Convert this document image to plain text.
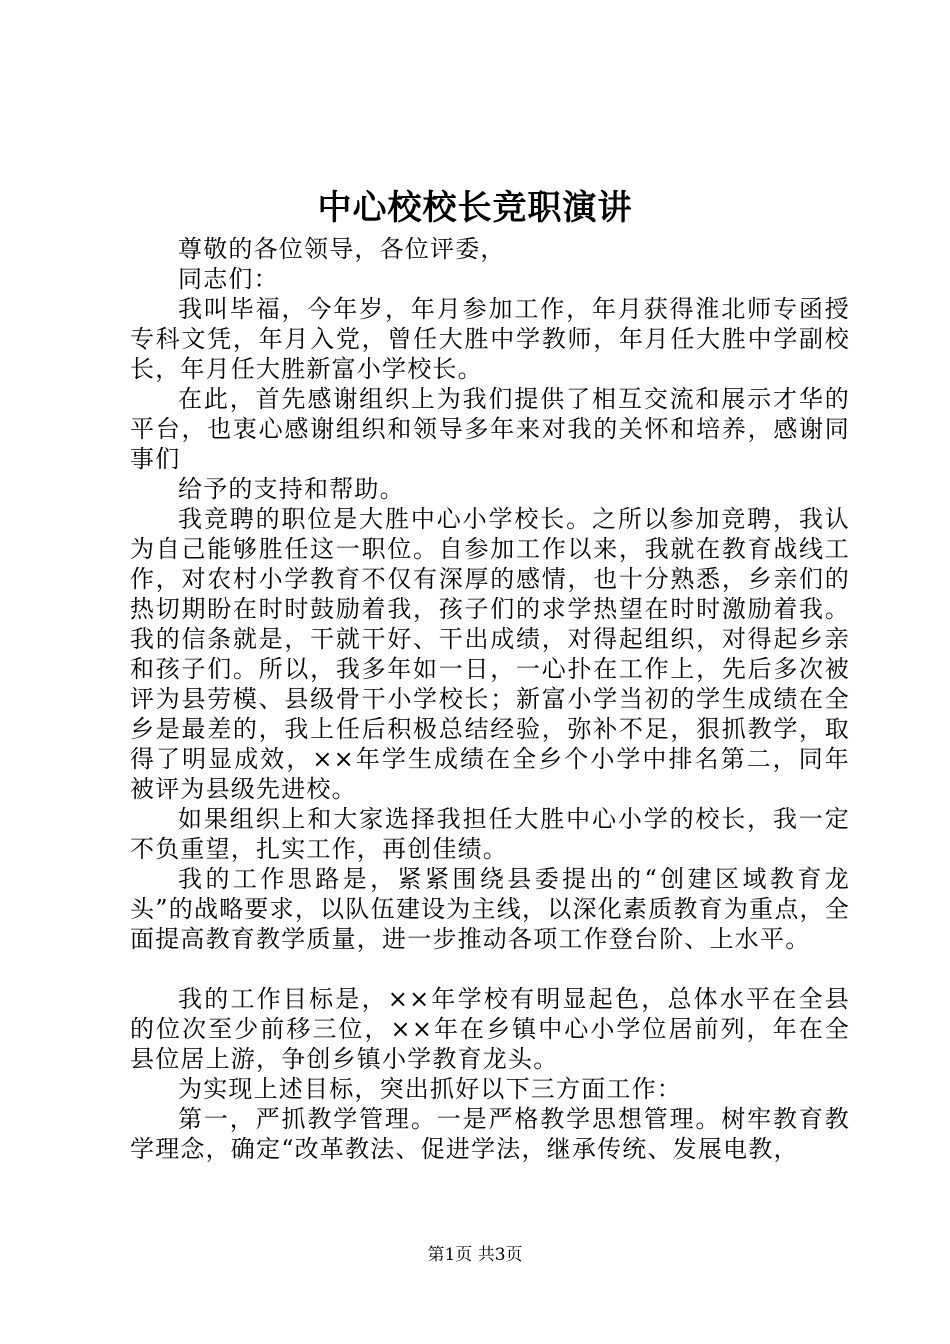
中心校校长竞职演讲

尊敬的各位领导，各位评委，

同志们：

我叫毕福，今年岁，年月参加工作，年月获得淮北师专函授专科文凭，年月入党，曾任大胜中学教师，年月任大胜中学副校长，年月任大胜新富小学校长。

在此，首先感谢组织上为我们提供了相互交流和展示才华的平台，也衷心感谢组织和领导多年来对我的关怀和培养，感谢同事们

给予的支持和帮助。

我竞聘的职位是大胜中心小学校长。之所以参加竞聘，我认为自己能够胜任这一职位。自参加工作以来，我就在教育战线工作，对农村小学教育不仅有深厚的感情，也十分熟悉，乡亲们的热切期盼在时时鼓励着我，孩子们的求学热望在时时激励着我。我的信条就是，干就干好、干出成绩，对得起组织，对得起乡亲和孩子们。所以，我多年如一日，一心扑在工作上，先后多次被评为县劳模、县级骨干小学校长；新富小学当初的学生成绩在全乡是最差的，我上任后积极总结经验，弥补不足，狠抓教学，取得了明显成效，××年学生成绩在全乡个小学中排名第二，同年被评为县级先进校。

如果组织上和大家选择我担任大胜中心小学的校长，我一定不负重望，扎实工作，再创佳绩。

我的工作思路是，紧紧围绕县委提出的“创建区域教育龙头”的战略要求，以队伍建设为主线，以深化素质教育为重点，全面提高教育教学质量，进一步推动各项工作登台阶、上水平。

我的工作目标是，××年学校有明显起色，总体水平在全县的位次至少前移三位，××年在乡镇中心小学位居前列，年在全县位居上游，争创乡镇小学教育龙头。

为实现上述目标，突出抓好以下三方面工作：

第一，严抓教学管理。一是严格教学思想管理。树牢教育教学理念，确定“改革教法、促进学法，继承传统、发展电教，

第1页 共3页
